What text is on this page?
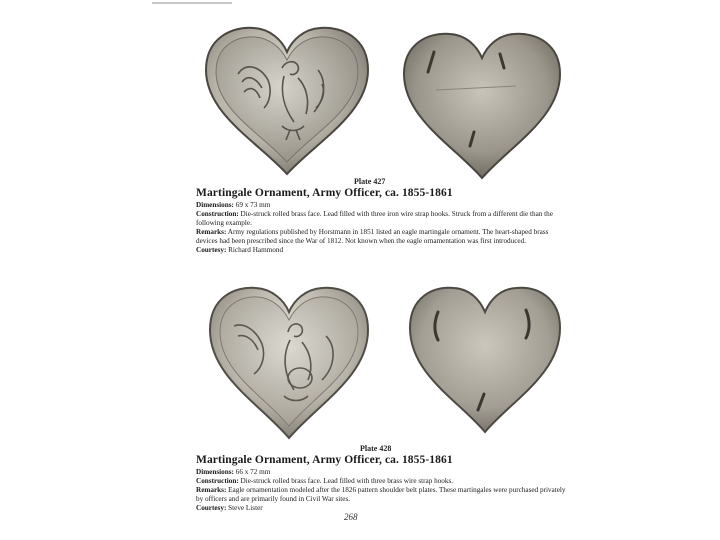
Plate 427

Martingale Ornament, Army Officer, ca. 1855-1861

Dimensions: 69 x 73 mm

Construction: Die-struck rolled brass face. Lead filled with three iron wire strap hooks. Struck from a different die than the following example.

Remarks: Army regulations published by Horstmann in 1851 listed an eagle martingale ornament. The heart-shaped brass devices had been prescribed since the War of 1812. Not known when the eagle ornamentation was first introduced.

Courtesy: Richard Hammond

Plate 428

Martingale Ornament, Army Officer, ca. 1855-1861

Dimensions: 66 x 72 mm

Construction: Die-struck rolled brass face. Lead filled with three brass wire strap hooks.

Remarks: Eagle ornamentation modeled after the 1826 pattern shoulder belt plates. These martingales were purchased privately by officers and are primarily found in Civil War sites.

Courtesy: Steve Lister

268
